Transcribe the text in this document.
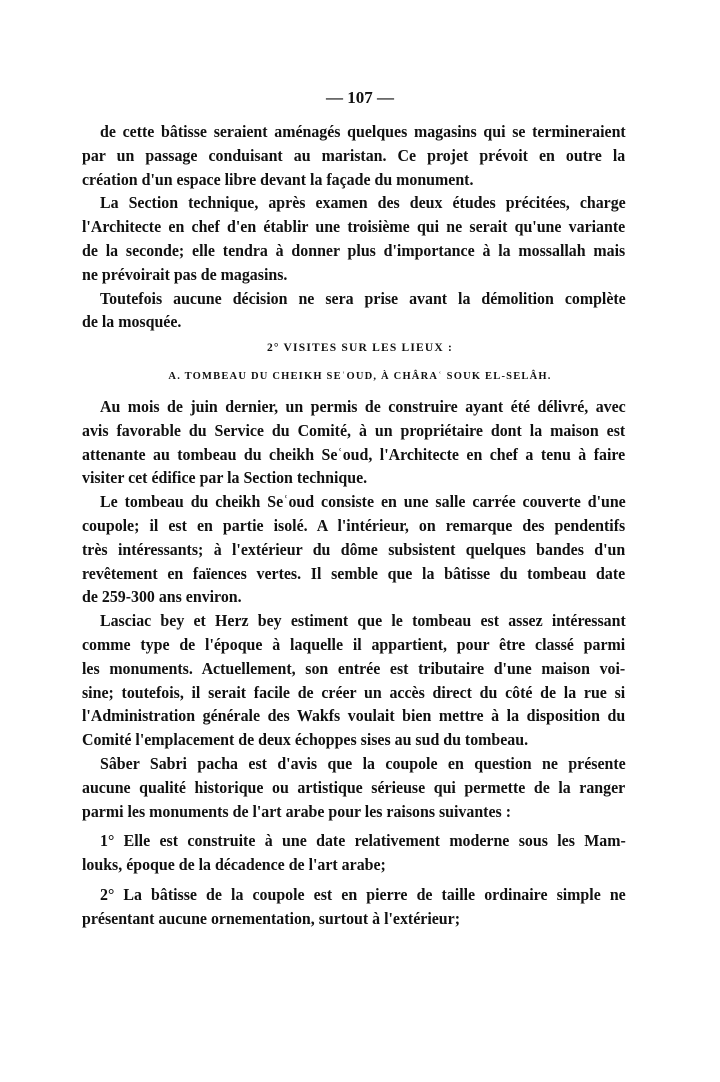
— 107 —
de cette bâtisse seraient aménagés quelques magasins qui se termineraient
par un passage conduisant au maristan. Ce projet prévoit en outre la
création d'un espace libre devant la façade du monument.
La Section technique, après examen des deux études précitées, charge
l'Architecte en chef d'en établir une troisième qui ne serait qu'une variante
de la seconde; elle tendra à donner plus d'importance à la mossallah mais
ne prévoirait pas de magasins.
Toutefois aucune décision ne sera prise avant la démolition complète
de la mosquée.
2° VISITES SUR LES LIEUX :
A. TOMBEAU DU CHEIKH SEʿOUD, À CHÂRAʿ SOUK EL-SELÂH.
Au mois de juin dernier, un permis de construire ayant été délivré, avec
avis favorable du Service du Comité, à un propriétaire dont la maison est
attenante au tombeau du cheikh Seʿoud, l'Architecte en chef a tenu à faire
visiter cet édifice par la Section technique.
Le tombeau du cheikh Seʿoud consiste en une salle carrée couverte d'une
coupole; il est en partie isolé. A l'intérieur, on remarque des pendentifs
très intéressants; à l'extérieur du dôme subsistent quelques bandes d'un
revêtement en faïences vertes. Il semble que la bâtisse du tombeau date
de 259-300 ans environ.
Lasciac bey et Herz bey estiment que le tombeau est assez intéressant
comme type de l'époque à laquelle il appartient, pour être classé parmi
les monuments. Actuellement, son entrée est tributaire d'une maison voi-
sine; toutefois, il serait facile de créer un accès direct du côté de la rue si
l'Administration générale des Wakfs voulait bien mettre à la disposition du
Comité l'emplacement de deux échoppes sises au sud du tombeau.
Sâber Sabri pacha est d'avis que la coupole en question ne présente
aucune qualité historique ou artistique sérieuse qui permette de la ranger
parmi les monuments de l'art arabe pour les raisons suivantes :
1° Elle est construite à une date relativement moderne sous les Mam-
louks, époque de la décadence de l'art arabe;
2° La bâtisse de la coupole est en pierre de taille ordinaire simple ne
présentant aucune ornementation, surtout à l'extérieur;
